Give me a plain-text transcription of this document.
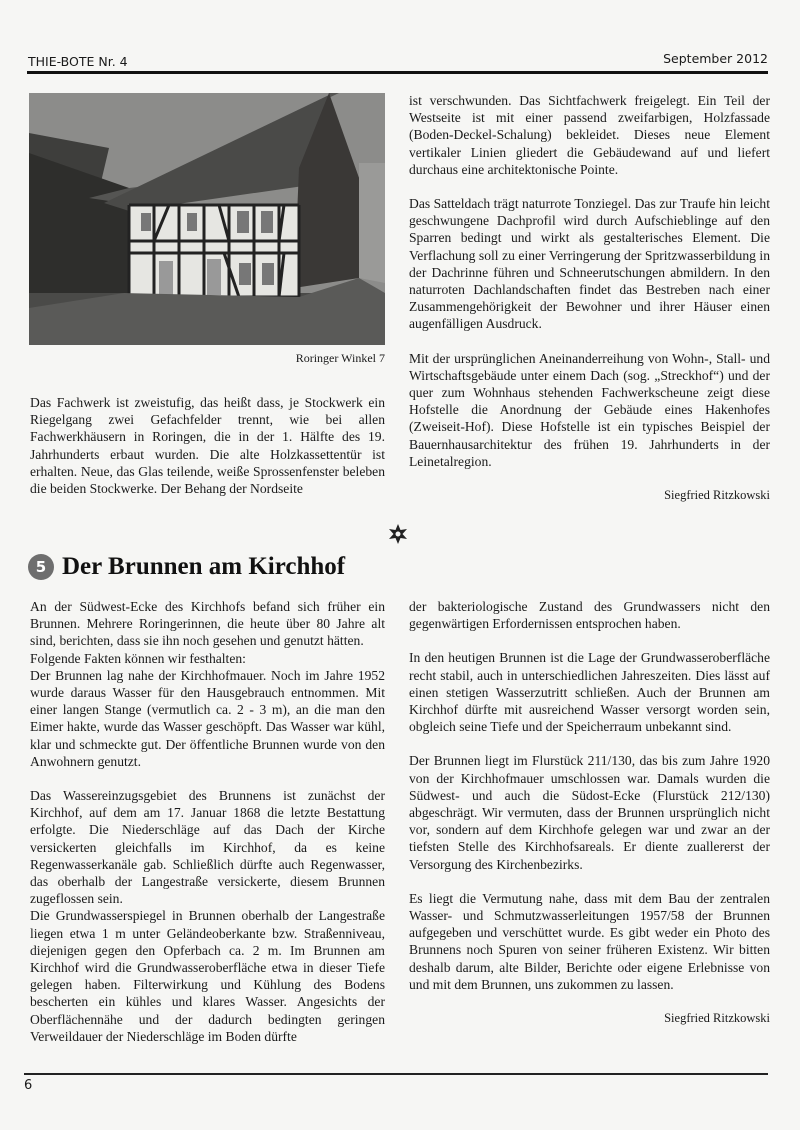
THIE-BOTE Nr. 4	September 2012
Roringer Winkel 7

Das Fachwerk ist zweistufig, das heißt dass, je Stockwerk ein Riegelgang zwei Gefachfelder trennt, wie bei allen Fachwerkhäusern in Roringen, die in der 1. Hälfte des 19. Jahrhunderts erbaut wurden. Die alte Holzkassettentür ist erhalten. Neue, das Glas teilende, weiße Sprossenfenster beleben die beiden Stockwerke. Der Behang der Nordseite

ist verschwunden. Das Sichtfachwerk freigelegt. Ein Teil der Westseite ist mit einer passend zweifarbigen, Holzfassade (Boden-Deckel-Schalung) bekleidet. Dieses neue Element vertikaler Linien gliedert die Gebäudewand auf und liefert durchaus eine architektonische Pointe.

Das Satteldach trägt naturrote Tonziegel. Das zur Traufe hin leicht geschwungene Dachprofil wird durch Aufschieblinge auf den Sparren bedingt und wirkt als gestalterisches Element. Die Verflachung soll zu einer Verringerung der Spritzwasserbildung in der Dachrinne führen und Schneerutschungen abmildern. In den naturroten Dachlandschaften findet das Bestreben nach einer Zusammengehörigkeit der Bewohner und ihrer Häuser einen augenfälligen Ausdruck.

Mit der ursprünglichen Aneinanderreihung von Wohn-, Stall- und Wirtschaftsgebäude unter einem Dach (sog. „Streckhof“) und der quer zum Wohnhaus stehenden Fachwerkscheune zeigt diese Hofstelle die Anordnung der Gebäude eines Hakenhofes (Zweiseit-Hof). Diese Hofstelle ist ein typisches Beispiel der Bauernhausarchitektur des frühen 19. Jahrhunderts in der Leinetalregion.

Siegfried Ritzkowski
5 Der Brunnen am Kirchhof

An der Südwest-Ecke des Kirchhofs befand sich früher ein Brunnen. Mehrere Roringerinnen, die heute über 80 Jahre alt sind, berichten, dass sie ihn noch gesehen und genutzt hätten.

Folgende Fakten können wir festhalten:

Der Brunnen lag nahe der Kirchhofmauer. Noch im Jahre 1952 wurde daraus Wasser für den Hausgebrauch entnommen. Mit einer langen Stange (vermutlich ca. 2 - 3 m), an die man den Eimer hakte, wurde das Wasser geschöpft. Das Wasser war kühl, klar und schmeckte gut. Der öffentliche Brunnen wurde von den Anwohnern genutzt.

Das Wassereinzugsgebiet des Brunnens ist zunächst der Kirchhof, auf dem am 17. Januar 1868 die letzte Bestattung erfolgte. Die Niederschläge auf das Dach der Kirche versickerten gleichfalls im Kirchhof, da es keine Regenwasserkanäle gab. Schließlich dürfte auch Regenwasser, das oberhalb der Langestraße versickerte, diesem Brunnen zugeflossen sein.

Die Grundwasserspiegel in Brunnen oberhalb der Langestraße liegen etwa 1 m unter Geländeoberkante bzw. Straßenniveau, diejenigen gegen den Opferbach ca. 2 m. Im Brunnen am Kirchhof wird die Grundwasseroberfläche etwa in dieser Tiefe gelegen haben. Filterwirkung und Kühlung des Bodens bescherten ein kühles und klares Wasser. Angesichts der Oberflächennähe und der dadurch bedingten geringen Verweildauer der Niederschläge im Boden dürfte

der bakteriologische Zustand des Grundwassers nicht den gegenwärtigen Erfordernissen entsprochen haben.

In den heutigen Brunnen ist die Lage der Grundwasseroberfläche recht stabil, auch in unterschiedlichen Jahreszeiten. Dies lässt auf einen stetigen Wasserzutritt schließen. Auch der Brunnen am Kirchhof dürfte mit ausreichend Wasser versorgt worden sein, obgleich seine Tiefe und der Speicherraum unbekannt sind.

Der Brunnen liegt im Flurstück 211/130, das bis zum Jahre 1920 von der Kirchhofmauer umschlossen war. Damals wurden die Südwest- und auch die Südost-Ecke (Flurstück 212/130) abgeschrägt. Wir vermuten, dass der Brunnen ursprünglich nicht vor, sondern auf dem Kirchhofe gelegen war und zwar an der tiefsten Stelle des Kirchhofsareals. Er diente zuallererst der Versorgung des Kirchenbezirks.

Es liegt die Vermutung nahe, dass mit dem Bau der zentralen Wasser- und Schmutzwasserleitungen 1957/58 der Brunnen aufgegeben und verschüttet wurde. Es gibt weder ein Photo des Brunnens noch Spuren von seiner früheren Existenz. Wir bitten deshalb darum, alte Bilder, Berichte oder eigene Erlebnisse von und mit dem Brunnen, uns zukommen zu lassen.

Siegfried Ritzkowski
6
